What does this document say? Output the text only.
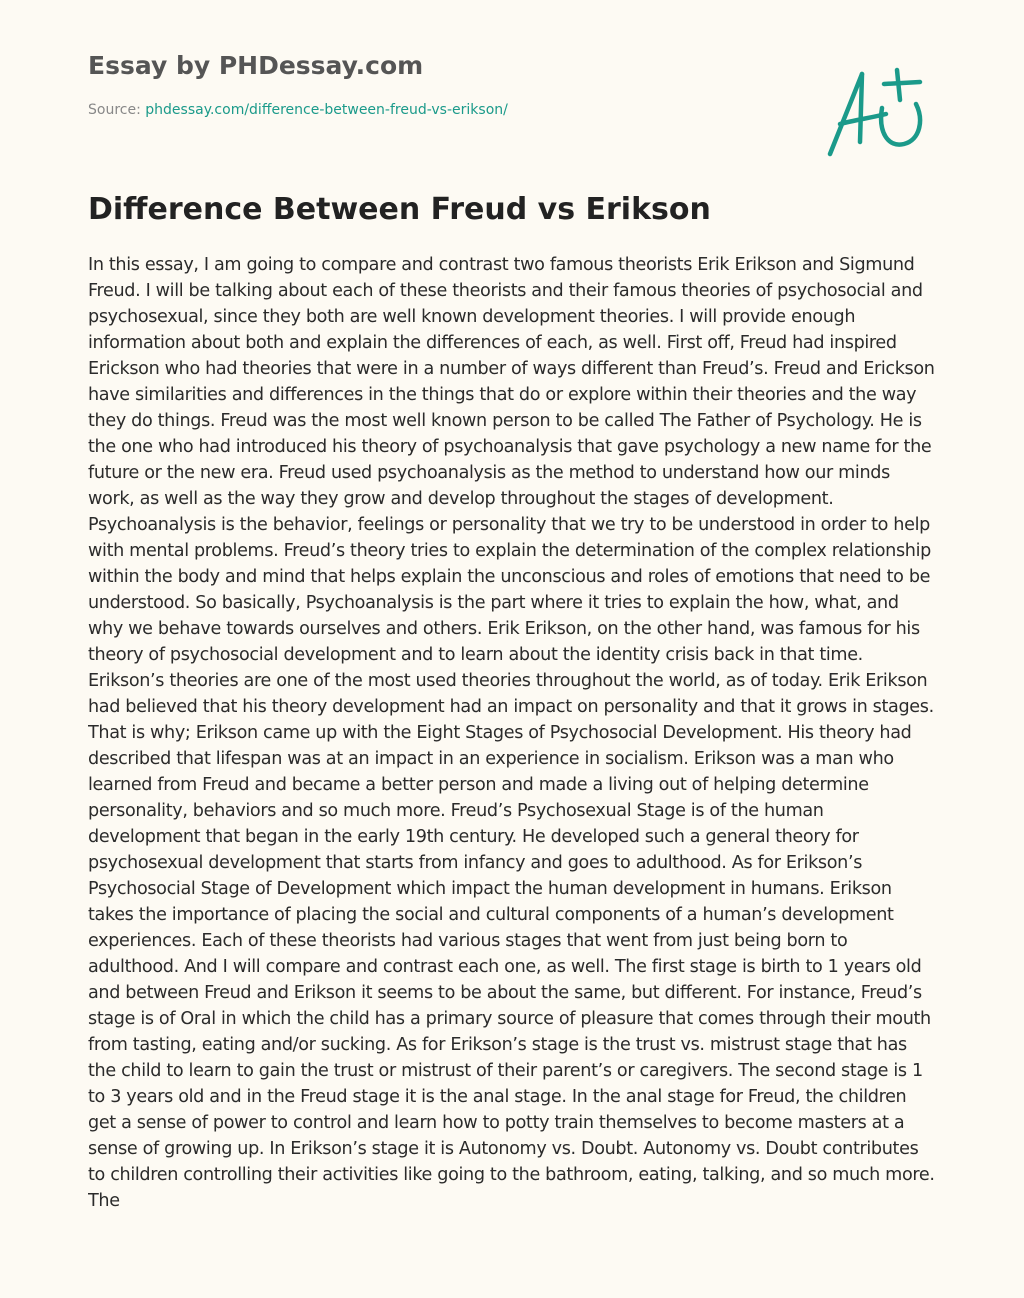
Essay by PHDessay.com
Source: phdessay.com/difference-between-freud-vs-erikson/
Difference Between Freud vs Erikson

In this essay, I am going to compare and contrast two famous theorists Erik Erikson and Sigmund Freud. I will be talking about each of these theorists and their famous theories of psychosocial and psychosexual, since they both are well known development theories. I will provide enough information about both and explain the differences of each, as well. First off, Freud had inspired Erickson who had theories that were in a number of ways different than Freud’s. Freud and Erickson have similarities and differences in the things that do or explore within their theories and the way they do things. Freud was the most well known person to be called The Father of Psychology. He is the one who had introduced his theory of psychoanalysis that gave psychology a new name for the future or the new era. Freud used psychoanalysis as the method to understand how our minds work, as well as the way they grow and develop throughout the stages of development. Psychoanalysis is the behavior, feelings or personality that we try to be understood in order to help with mental problems. Freud’s theory tries to explain the determination of the complex relationship within the body and mind that helps explain the unconscious and roles of emotions that need to be understood. So basically, Psychoanalysis is the part where it tries to explain the how, what, and why we behave towards ourselves and others. Erik Erikson, on the other hand, was famous for his theory of psychosocial development and to learn about the identity crisis back in that time. Erikson’s theories are one of the most used theories throughout the world, as of today. Erik Erikson had believed that his theory development had an impact on personality and that it grows in stages. That is why; Erikson came up with the Eight Stages of Psychosocial Development. His theory had described that lifespan was at an impact in an experience in socialism. Erikson was a man who learned from Freud and became a better person and made a living out of helping determine personality, behaviors and so much more. Freud’s Psychosexual Stage is of the human development that began in the early 19th century. He developed such a general theory for psychosexual development that starts from infancy and goes to adulthood. As for Erikson’s Psychosocial Stage of Development which impact the human development in humans. Erikson takes the importance of placing the social and cultural components of a human’s development experiences. Each of these theorists had various stages that went from just being born to adulthood. And I will compare and contrast each one, as well. The first stage is birth to 1 years old and between Freud and Erikson it seems to be about the same, but different. For instance, Freud’s stage is of Oral in which the child has a primary source of pleasure that comes through their mouth from tasting, eating and/or sucking. As for Erikson’s stage is the trust vs. mistrust stage that has the child to learn to gain the trust or mistrust of their parent’s or caregivers. The second stage is 1 to 3 years old and in the Freud stage it is the anal stage. In the anal stage for Freud, the children get a sense of power to control and learn how to potty train themselves to become masters at a sense of growing up. In Erikson’s stage it is Autonomy vs. Doubt. Autonomy vs. Doubt contributes to children controlling their activities like going to the bathroom, eating, talking, and so much more. The
